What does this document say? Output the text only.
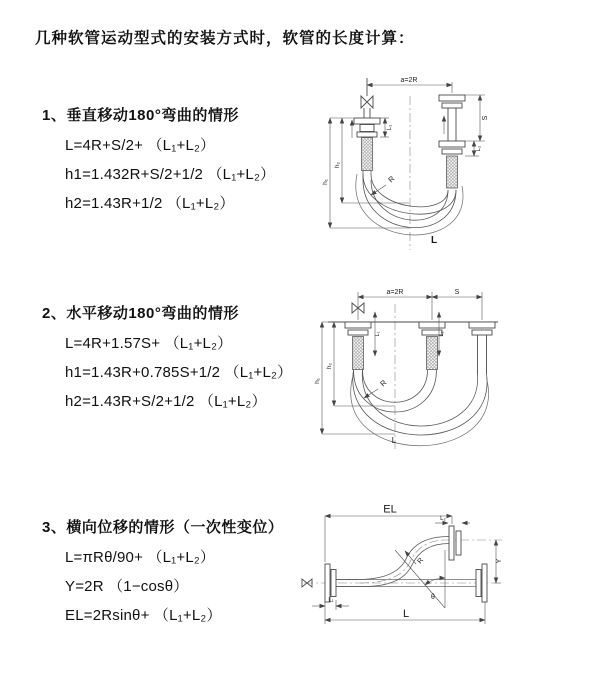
几种软管运动型式的安装方式时，软管的长度计算：
1、垂直移动180°弯曲的情形
L=4R+S/2+ （L₁+L₂）
h1=1.432R+S/2+1/2 （L₁+L₂）
h2=1.43R+1/2 （L₁+L₂）
2、水平移动180°弯曲的情形
L=4R+1.57S+ （L₁+L₂）
h1=1.43R+0.785S+1/2 （L₁+L₂）
h2=1.43R+S/2+1/2 （L₁+L₂）
3、横向位移的情形（一次性变位）
L=πRθ/90+ （L₁+L₂）
Y=2R （1−cosθ）
EL=2Rsinθ+ （L₁+L₂）
a=2R
S
L₂
L₁
h₂
h₁	R
L
a=2R	S
L₁	L₂
h₂
h₁	R
L
θ
R
EL
L₂
Y
L₁
L
